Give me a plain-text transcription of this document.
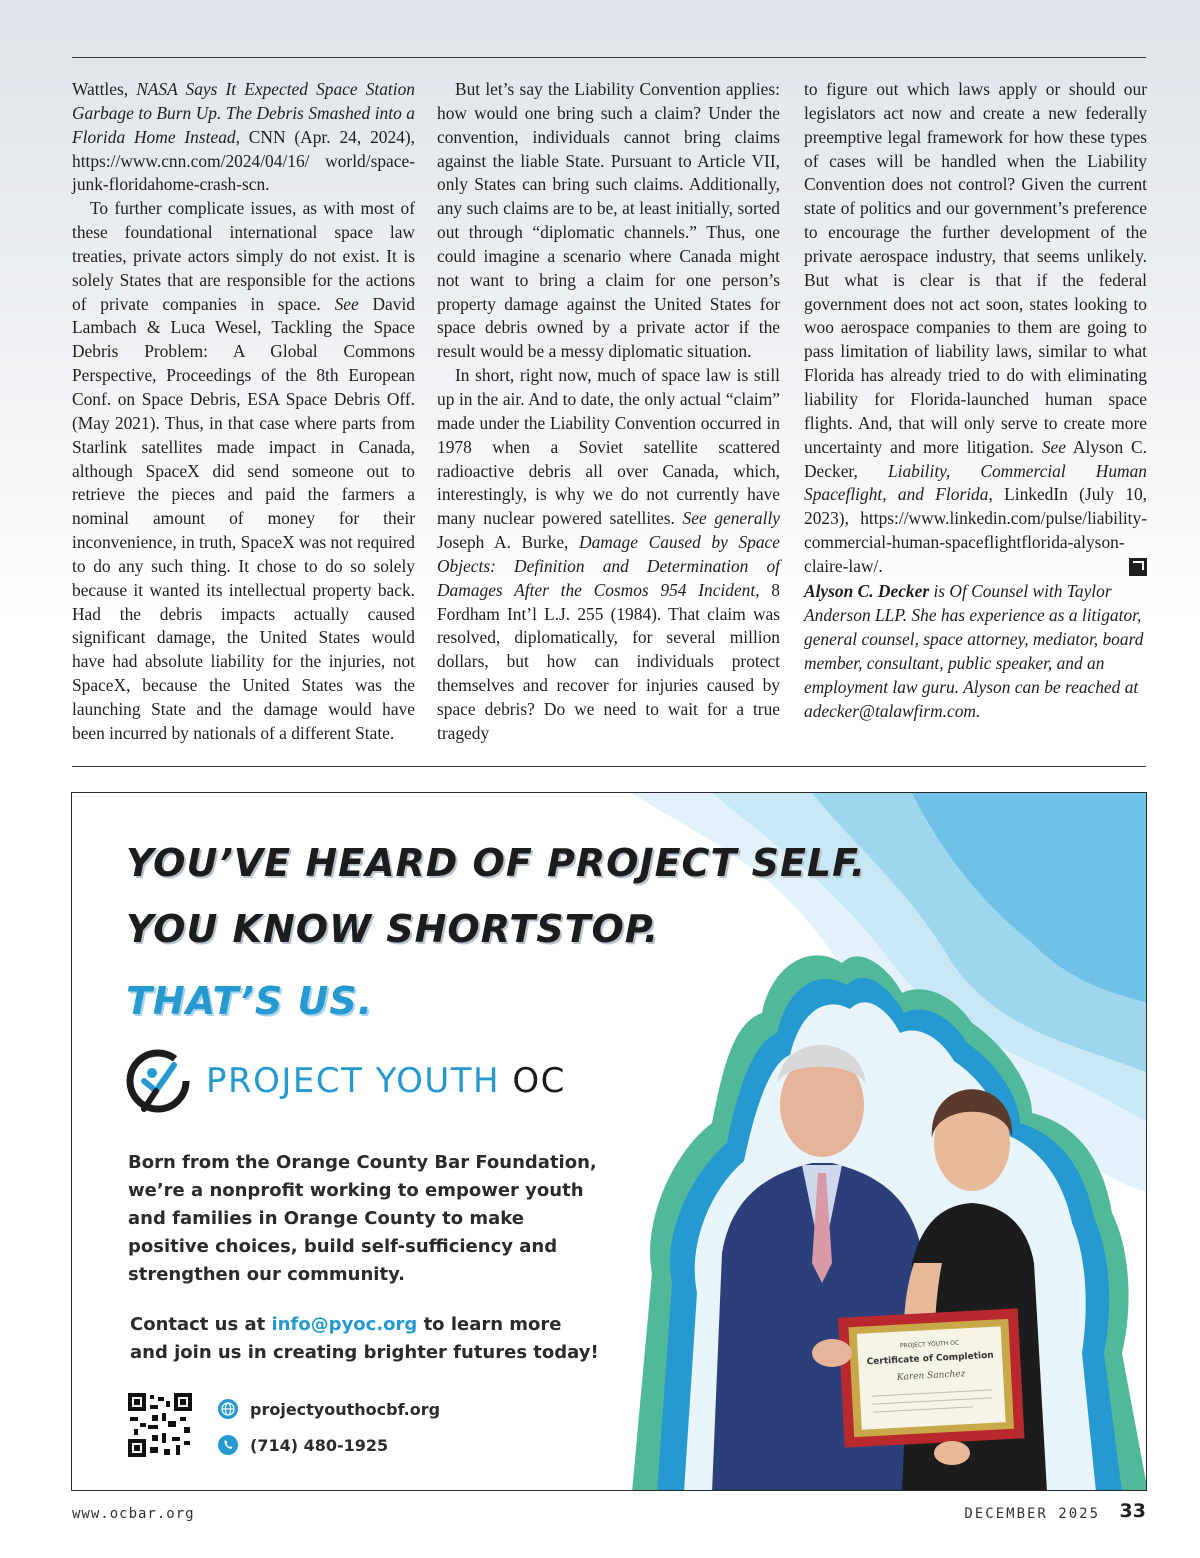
Wattles, NASA Says It Expected Space Station Garbage to Burn Up. The Debris Smashed into a Florida Home Instead, CNN (Apr. 24, 2024), https://www.cnn.com/2024/04/16/ world/space-junk-floridahome-crash-scn.

To further complicate issues, as with most of these foundational international space law treaties, private actors simply do not exist. It is solely States that are responsible for the actions of private companies in space. See David Lambach & Luca Wesel, Tackling the Space Debris Problem: A Global Commons Perspective, Proceedings of the 8th European Conf. on Space Debris, ESA Space Debris Off. (May 2021). Thus, in that case where parts from Starlink satellites made impact in Canada, although SpaceX did send someone out to retrieve the pieces and paid the farmers a nominal amount of money for their inconvenience, in truth, SpaceX was not required to do any such thing. It chose to do so solely because it wanted its intellectual property back. Had the debris impacts actually caused significant damage, the United States would have had absolute liability for the injuries, not SpaceX, because the United States was the launching State and the damage would have been incurred by nationals of a different State.

But let’s say the Liability Convention applies: how would one bring such a claim? Under the convention, individuals cannot bring claims against the liable State. Pursuant to Article VII, only States can bring such claims. Additionally, any such claims are to be, at least initially, sorted out through “diplomatic channels.” Thus, one could imagine a scenario where Canada might not want to bring a claim for one person’s property damage against the United States for space debris owned by a private actor if the result would be a messy diplomatic situation.

In short, right now, much of space law is still up in the air. And to date, the only actual “claim” made under the Liability Convention occurred in 1978 when a Soviet satellite scattered radioactive debris all over Canada, which, interestingly, is why we do not currently have many nuclear powered satellites. See generally Joseph A. Burke, Damage Caused by Space Objects: Definition and Determination of Damages After the Cosmos 954 Incident, 8 Fordham Int’l L.J. 255 (1984). That claim was resolved, diplomatically, for several million dollars, but how can individuals protect themselves and recover for injuries caused by space debris? Do we need to wait for a true tragedy

to figure out which laws apply or should our legislators act now and create a new federally preemptive legal framework for how these types of cases will be handled when the Liability Convention does not control? Given the current state of politics and our government’s preference to encourage the further development of the private aerospace industry, that seems unlikely. But what is clear is that if the federal government does not act soon, states looking to woo aerospace companies to them are going to pass limitation of liability laws, similar to what Florida has already tried to do with eliminating liability for Florida-launched human space flights. And, that will only serve to create more uncertainty and more litigation. See Alyson C. Decker, Liability, Commercial Human Spaceflight, and Florida, LinkedIn (July 10, 2023), https://www.linkedin.com/pulse/liability-commercial-human-spaceflightflorida-alyson-claire-law/.

Alyson C. Decker is Of Counsel with Taylor Anderson LLP. She has experience as a litigator, general counsel, space attorney, mediator, board member, consultant, public speaker, and an employment law guru. Alyson can be reached at adecker@talawfirm.com.

PROJECT YOUTH OC
Certificate of Completion
Karen Sanchez
YOU’VE HEARD OF PROJECT SELF.
YOU KNOW SHORTSTOP.
THAT’S US.
PROJECT YOUTH OC
Born from the Orange County Bar Foundation, we’re a nonprofit working to empower youth and families in Orange County to make positive choices, build self-sufficiency and strengthen our community.
Contact us at info@pyoc.org to learn more and join us in creating brighter futures today!
projectyouthocbf.org
(714) 480-1925
www.ocbar.org	DECEMBER 2025 33
